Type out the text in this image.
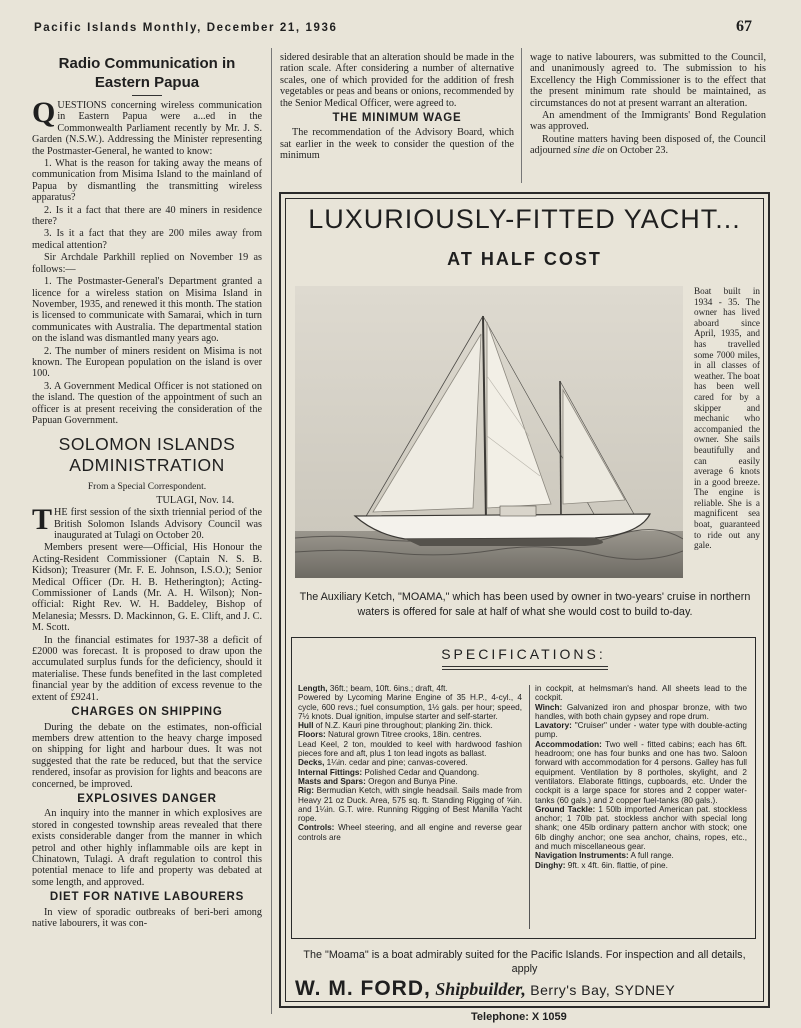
Pacific Islands Monthly, December 21, 1936	67
Radio Communication in Eastern Papua

QUESTIONS concerning wireless communication in Eastern Papua were a...ed in the Commonwealth Parliament recently by Mr. J. S. Garden (N.S.W.). Addressing the Minister representing the Postmaster-General, he wanted to know:

1. What is the reason for taking away the means of communication from Misima Island to the mainland of Papua by dismantling the transmitting wireless apparatus?

2. Is it a fact that there are 40 miners in residence there?

3. Is it a fact that they are 200 miles away from medical attention?

Sir Archdale Parkhill replied on November 19 as follows:—

1. The Postmaster-General's Department granted a licence for a wireless station on Misima Island in November, 1935, and renewed it this month. The station is licensed to communicate with Samarai, which in turn communicates with Australia. The departmental station on the island was dismantled many years ago.

2. The number of miners resident on Misima is not known. The European population on the island is over 100.

3. A Government Medical Officer is not stationed on the island. The question of the appointment of such an officer is at present receiving the consideration of the Papuan Government.

SOLOMON ISLANDS ADMINISTRATION
From a Special Correspondent.

TULAGI, Nov. 14.

THE first session of the sixth triennial period of the British Solomon Islands Advisory Council was inaugurated at Tulagi on October 20.

Members present were—Official, His Honour the Acting-Resident Commissioner (Captain N. S. B. Kidson); Treasurer (Mr. F. E. Johnson, I.S.O.); Senior Medical Officer (Dr. H. B. Hetherington); Acting-Commissioner of Lands (Mr. A. H. Wilson); Non-official: Right Rev. W. H. Baddeley, Bishop of Melanesia; Messrs. D. Mackinnon, G. E. Clift, and J. C. M. Scott.

In the financial estimates for 1937-38 a deficit of £2000 was forecast. It is proposed to draw upon the accumulated surplus funds for the deficiency, should it materialise. These funds benefited in the last completed financial year by the addition of excess revenue to the extent of £9241.

CHARGES ON SHIPPING

During the debate on the estimates, non-official members drew attention to the heavy charge imposed on shipping for light and harbour dues. It was not suggested that the rate be reduced, but that the service rendered, insofar as provision for lights and beacons are concerned, be improved.

EXPLOSIVES DANGER

An inquiry into the manner in which explosives are stored in congested township areas revealed that there exists considerable danger from the manner in which petrol and other highly inflammable oils are kept in Chinatown, Tulagi. A draft regulation to control this potential menace to life and property was debated at some length, and approved.

DIET FOR NATIVE LABOURERS

In view of sporadic outbreaks of beri-beri among native labourers, it was con-

sidered desirable that an alteration should be made in the ration scale. After considering a number of alternative scales, one of which provided for the addition of fresh vegetables or peas and beans or onions, recommended by the Senior Medical Officer, were agreed to.

THE MINIMUM WAGE

The recommendation of the Advisory Board, which sat earlier in the week to consider the question of the minimum

wage to native labourers, was submitted to the Council, and unanimously agreed to. The submission to his Excellency the High Commissioner is to the effect that the present minimum rate should be maintained, as circumstances do not at present warrant an alteration.

An amendment of the Immigrants' Bond Regulation was approved.

Routine matters having been disposed of, the Council adjourned sine die on October 23.

LUXURIOUSLY-FITTED YACHT...
AT HALF COST
Boat built in 1934 - 35. The owner has lived aboard since April, 1935, and has travelled some 7000 miles, in all classes of weather. The boat has been well cared for by a skipper and mechanic who accompanied the owner. She sails beautifully and can easily average 6 knots in a good breeze. The engine is reliable. She is a magnificent sea boat, guaranteed to ride out any gale.
The Auxiliary Ketch, "MOAMA," which has been used by owner in two-years' cruise in northern waters is offered for sale at half of what she would cost to build to-day.
SPECIFICATIONS:

Length, 36ft.; beam, 10ft. 6ins.; draft, 4ft.

Powered by Lycoming Marine Engine of 35 H.P., 4-cyl., 4 cycle, 600 revs.; fuel consumption, 1½ gals. per hour; speed, 7½ knots. Dual ignition, impulse starter and self-starter.

Hull of N.Z. Kauri pine throughout; planking 2in. thick.

Floors: Natural grown Titree crooks, 18in. centres.

Lead Keel, 2 ton, moulded to keel with hardwood fashion pieces fore and aft, plus 1 ton lead ingots as ballast.

Decks, 1¼in. cedar and pine; canvas-covered.

Internal Fittings: Polished Cedar and Quandong.

Masts and Spars: Oregon and Bunya Pine.

Rig: Bermudian Ketch, with single headsail. Sails made from Heavy 21 oz Duck. Area, 575 sq. ft. Standing Rigging of ⅝in. and 1¼in. G.T. wire. Running Rigging of Best Manilla Yacht rope.

Controls: Wheel steering, and all engine and reverse gear controls are

in cockpit, at helmsman's hand. All sheets lead to the cockpit.

Winch: Galvanized iron and phospar bronze, with two handles, with both chain gypsey and rope drum.

Lavatory: "Cruiser" under - water type with double-acting pump.

Accommodation: Two well - fitted cabins; each has 6ft. headroom; one has four bunks and one has two. Saloon forward with accommodation for 4 persons. Galley has full equipment. Ventilation by 8 portholes, skylight, and 2 ventilators. Elaborate fittings, cupboards, etc. Under the cockpit is a large space for stores and 2 copper water-tanks (60 gals.) and 2 copper fuel-tanks (80 gals.).

Ground Tackle: 1 50lb imported American pat. stockless anchor; 1 70lb pat. stockless anchor with special long shank; one 45lb ordinary pattern anchor with stock; one 6lb dinghy anchor; one sea anchor, chains, ropes, etc., and much miscellaneous gear.

Navigation Instruments: A full range.

Dinghy: 9ft. x 4ft. 6in. flattie, of pine.

The "Moama" is a boat admirably suited for the Pacific Islands. For inspection and all details, apply
W. M. FORD, Shipbuilder, Berry's Bay, SYDNEY
Telephone: X 1059
